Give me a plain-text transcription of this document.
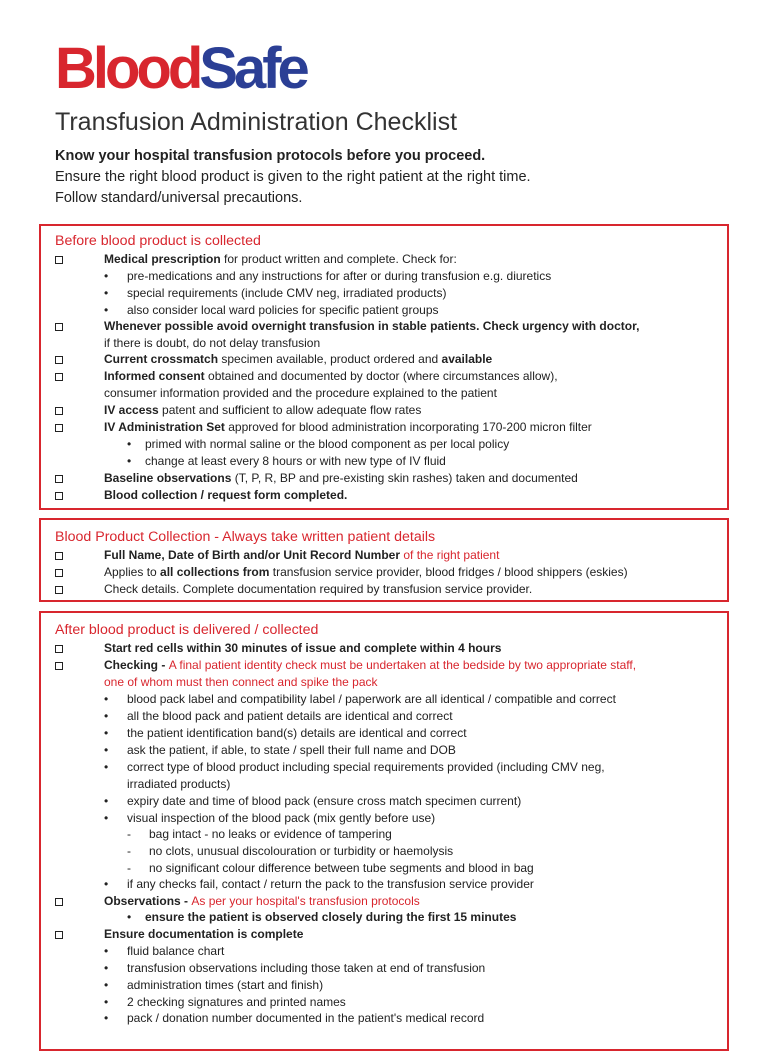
BloodSafe
Transfusion Administration Checklist
Know your hospital transfusion protocols before you proceed.
Ensure the right blood product is given to the right patient at the right time.
Follow standard/universal precautions.
Before blood product is collected
Medical prescription for product written and complete. Check for:
• pre-medications and any instructions for after or during transfusion e.g. diuretics
• special requirements (include CMV neg, irradiated products)
• also consider local ward policies for specific patient groups
Whenever possible avoid overnight transfusion in stable patients. Check urgency with doctor,
if there is doubt, do not delay transfusion
Current crossmatch specimen available, product ordered and available
Informed consent obtained and documented by doctor (where circumstances allow),
consumer information provided and the procedure explained to the patient
IV access patent and sufficient to allow adequate flow rates
IV Administration Set approved for blood administration incorporating 170-200 micron filter
• primed with normal saline or the blood component as per local policy
• change at least every 8 hours or with new type of IV fluid
Baseline observations (T, P, R, BP and pre-existing skin rashes) taken and documented
Blood collection / request form completed.
Blood Product Collection - Always take written patient details
Full Name, Date of Birth and/or Unit Record Number of the right patient
Applies to all collections from transfusion service provider, blood fridges / blood shippers (eskies)
Check details. Complete documentation required by transfusion service provider.
After blood product is delivered / collected
Start red cells within 30 minutes of issue and complete within 4 hours
Checking - A final patient identity check must be undertaken at the bedside by two appropriate staff,
one of whom must then connect and spike the pack
• blood pack label and compatibility label / paperwork are all identical / compatible and correct
• all the blood pack and patient details are identical and correct
• the patient identification band(s) details are identical and correct
• ask the patient, if able, to state / spell their full name and DOB
• correct type of blood product including special requirements provided (including CMV neg,
irradiated products)
• expiry date and time of blood pack (ensure cross match specimen current)
• visual inspection of the blood pack (mix gently before use)
- bag intact - no leaks or evidence of tampering
- no clots, unusual discolouration or turbidity or haemolysis
- no significant colour difference between tube segments and blood in bag
• if any checks fail, contact / return the pack to the transfusion service provider
Observations - As per your hospital's transfusion protocols
• ensure the patient is observed closely during the first 15 minutes
Ensure documentation is complete
• fluid balance chart
• transfusion observations including those taken at end of transfusion
• administration times (start and finish)
• 2 checking signatures and printed names
• pack / donation number documented in the patient's medical record
